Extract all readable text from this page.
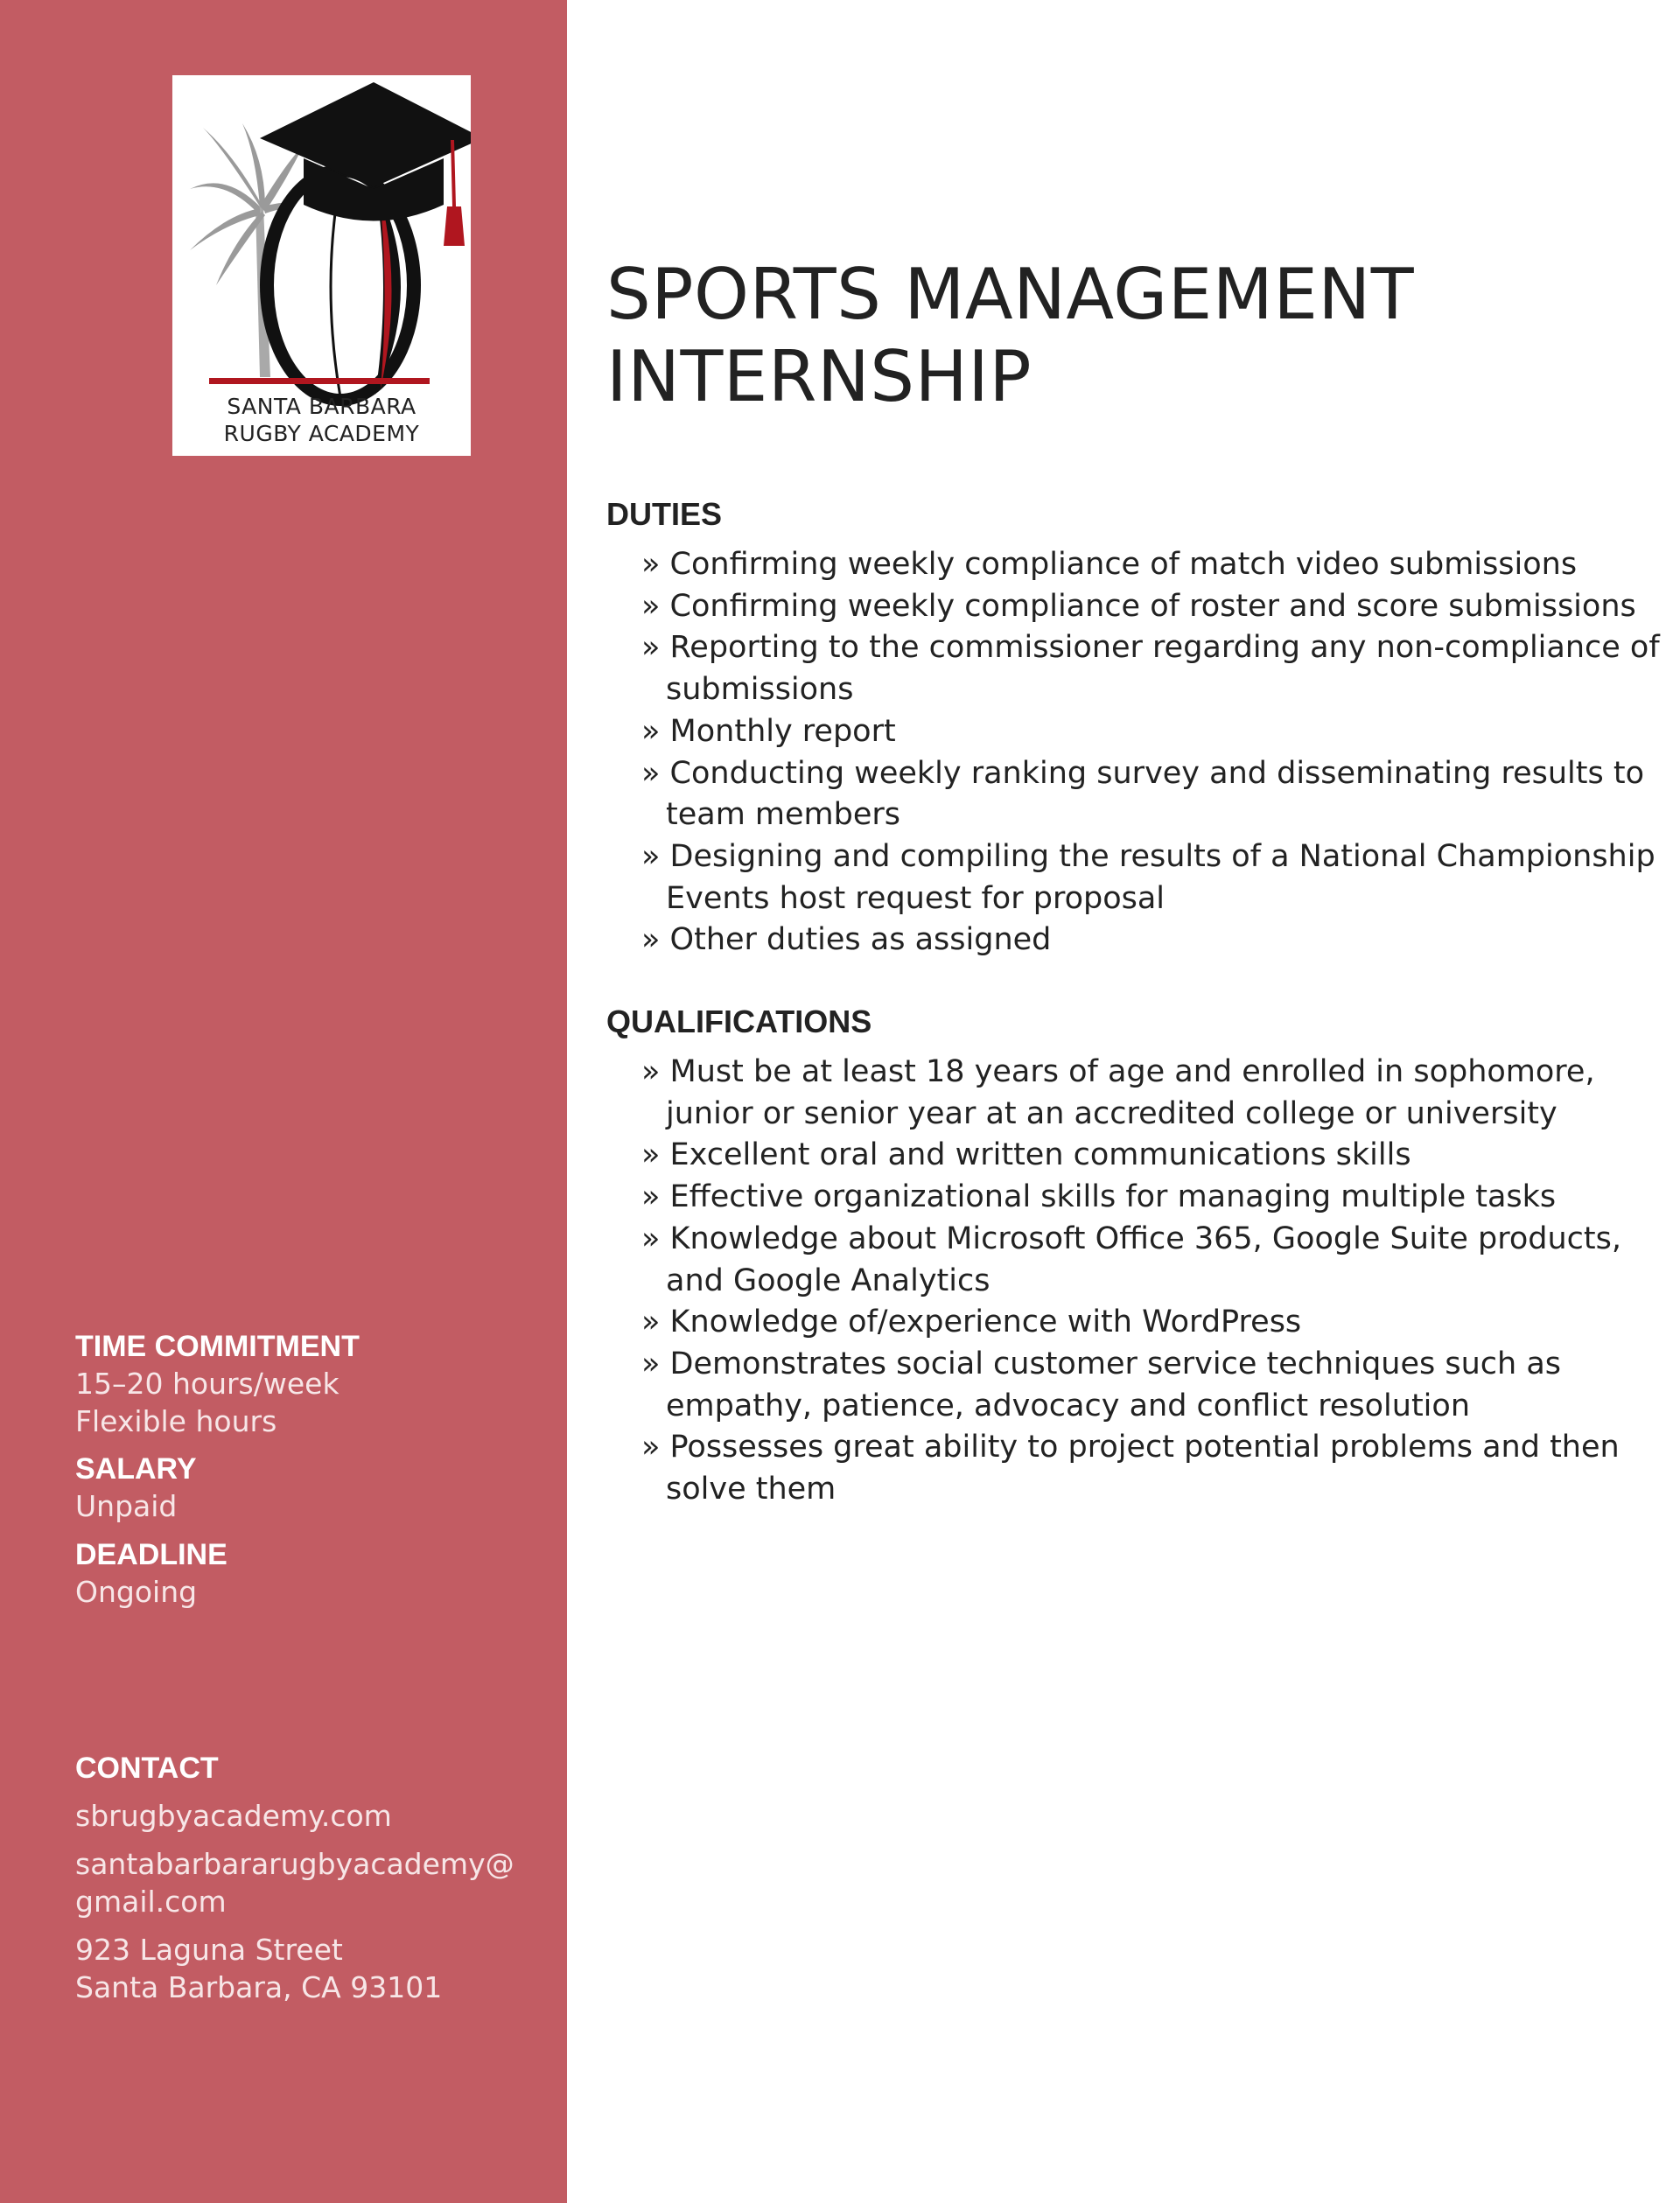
SANTA BARBARA
RUGBY ACADEMY
TIME COMMITMENT
15–20 hours/week
Flexible hours
SALARY
Unpaid
DEADLINE
Ongoing
CONTACT
sbrugbyacademy.com
santabarbararugbyacademy@
gmail.com
923 Laguna Street
Santa Barbara, CA 93101
SPORTS MANAGEMENT
INTERNSHIP
DUTIES
» Confirming weekly compliance of match video submissions
» Confirming weekly compliance of roster and score submissions
» Reporting to the commissioner regarding any non-compliance of submissions
» Monthly report
» Conducting weekly ranking survey and disseminating results to team members
» Designing and compiling the results of a National Championship Events host request for proposal
» Other duties as assigned
QUALIFICATIONS
» Must be at least 18 years of age and enrolled in sophomore, junior or senior year at an accredited college or university
» Excellent oral and written communications skills
» Effective organizational skills for managing multiple tasks
» Knowledge about Microsoft Office 365, Google Suite products, and Google Analytics
» Knowledge of/experience with WordPress
» Demonstrates social customer service techniques such as empathy, patience, advocacy and conflict resolution
» Possesses great ability to project potential problems and then solve them
